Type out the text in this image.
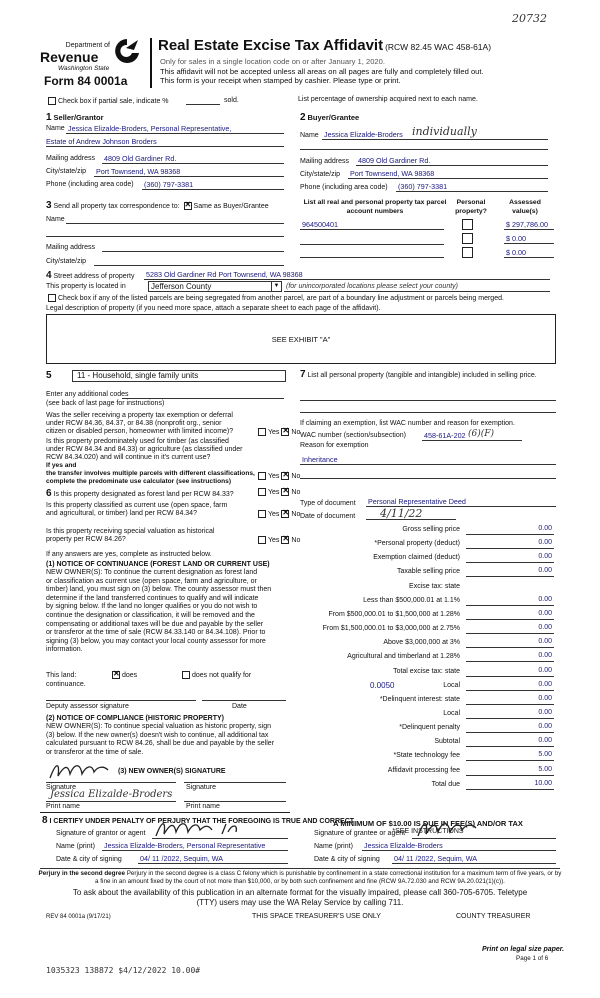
20732
Department of
Revenue
Washington State
Form 84 0001a
Real Estate Excise Tax Affidavit (RCW 82.45 WAC 458-61A)
Only for sales in a single location code on or after January 1, 2020.
This affidavit will not be accepted unless all areas on all pages are fully and completely filled out.
This form is your receipt when stamped by cashier. Please type or print.
Check box if partial sale, indicate %	sold.	List percentage of ownership acquired next to each name.
1 Seller/Grantor
Name Jessica Elizalde-Broders, Personal Representative,
Estate of Andrew Johnson Broders
Mailing address 4809 Old Gardiner Rd.
City/state/zip Port Townsend, WA 98368
Phone (including area code) (360) 797-3381
2 Buyer/Grantee
Name Jessica Elizalde-Broders individually
Mailing address 4809 Old Gardiner Rd.
City/state/zip Port Townsend, WA 98368
Phone (including area code) (360) 797-3381
3 Send all property tax correspondence to: ✕ Same as Buyer/Grantee
Name
Mailing address
City/state/zip
List all real and personal property tax parcel account numbers
Personal property?
Assessed value(s)
964500401	$ 297,786.00
$ 0.00
$ 0.00
4 Street address of property 5283 Old Gardiner Rd Port Townsend, WA 98368
This property is located in	Jefferson County	▼ (for unincorporated locations please select your county)
Check box if any of the listed parcels are being segregated from another parcel, are part of a boundary line adjustment or parcels being merged.
Legal description of property (if you need more space, attach a separate sheet to each page of the affidavit).
SEE EXHIBIT "A"
5	11 - Household, single family units
Enter any additional codes
(see back of last page for instructions)
Was the seller receiving a property tax exemption or deferral
under RCW 84.36, 84.37, or 84.38 (nonprofit org., senior
citizen or disabled person, homeowner with limited income)?	Yes ✕ No
Is this property predominately used for timber (as classified
under RCW 84.34 and 84.33) or agriculture (as classified under
RCW 84.34.020) and will continue in it's current use?
If yes and
the transfer involves multiple parcels with different classifications,
complete the predominate use calculator (see instructions)
Yes ✕ No
6 Is this property designated as forest land per RCW 84.33?	Yes ✕ No
Is this property classified as current use (open space, farm
and agricultural, or timber) land per RCW 84.34?	Yes ✕ No
Is this property receiving special valuation as historical
property per RCW 84.26?	Yes ✕ No
If any answers are yes, complete as instructed below.
(1) NOTICE OF CONTINUANCE (FOREST LAND OR CURRENT USE)
NEW OWNER(S): To continue the current designation as forest land
or classification as current use (open space, farm and agriculture, or
timber) land, you must sign on (3) below. The county assessor must then
determine if the land transferred continues to qualify and will indicate
by signing below. If the land no longer qualifies or you do not wish to
continue the designation or classification, it will be removed and the
compensating or additional taxes will be due and payable by the seller
or transferor at the time of sale (RCW 84.33.140 or 84.34.108). Prior to
signing (3) below, you may contact your local county assessor for more
information.
This land: ✕	does	does not qualify for
continuance.
Deputy assessor signature	Date
(2) NOTICE OF COMPLIANCE (HISTORIC PROPERTY)
NEW OWNER(S): To continue special valuation as historic property, sign
(3) below. If the new owner(s) doesn't wish to continue, all additional tax
calculated pursuant to RCW 84.26, shall be due and payable by the seller
or transferor at the time of sale.
(3) NEW OWNER(S) SIGNATURE
Signature	Signature
Jessica Elizalde-Broders
Print name	Print name
7 List all personal property (tangible and intangible) included in selling price.
If claiming an exemption, list WAC number and reason for exemption.
WAC number (section/subsection)	458-61A-202 (6)(F)
Reason for exemption
Inheritance
Type of document Personal Representative Deed
Date of document 4/11/22
Gross selling price	0.00
*Personal property (deduct)	0.00
Exemption claimed (deduct)	0.00
Taxable selling price	0.00
Excise tax: state
Less than $500,000.01 at 1.1%	0.00
From $500,000.01 to $1,500,000 at 1.28%	0.00
From $1,500,000.01 to $3,000,000 at 2.75%	0.00
Above $3,000,000 at 3%	0.00
Agricultural and timberland at 1.28%	0.00
Total excise tax: state	0.00
Local
0.0050	0.00
*Delinquent interest: state	0.00
Local	0.00
*Delinquent penalty	0.00
Subtotal	0.00
*State technology fee	5.00
Affidavit processing fee	5.00
Total due	10.00
A MINIMUM OF $10.00 IS DUE IN FEE(S) AND/OR TAX
*SEE INSTRUCTIONS
8 I CERTIFY UNDER PENALTY OF PERJURY THAT THE FOREGOING IS TRUE AND CORRECT
Signature of grantor or agent
Name (print) Jessica Elizalde-Broders, Personal Representative
Date & city of signing	04/ 11 /2022, Sequim, WA
Signature of grantee or agent
Name (print) Jessica Elizalde-Broders
Date & city of signing 04/ 11 /2022, Sequim, WA
Perjury in the second degree Perjury in the second degree is a class C felony which is punishable by confinement in a state correctional institution for a maximum term of five years, or by
a fine in an amount fixed by the court of not more than $10,000, or by both such confinement and fine (RCW 9A.72.030 and RCW 9A.20.021(1)(c)).
To ask about the availability of this publication in an alternate format for the visually impaired, please call 360-705-6705. Teletype
(TTY) users may use the WA Relay Service by calling 711.
REV 84 0001a (9/17/21)	THIS SPACE TREASURER'S USE ONLY	COUNTY TREASURER
Print on legal size paper.
Page 1 of 6
1035323 138872 $4/12/2022 10.00#
